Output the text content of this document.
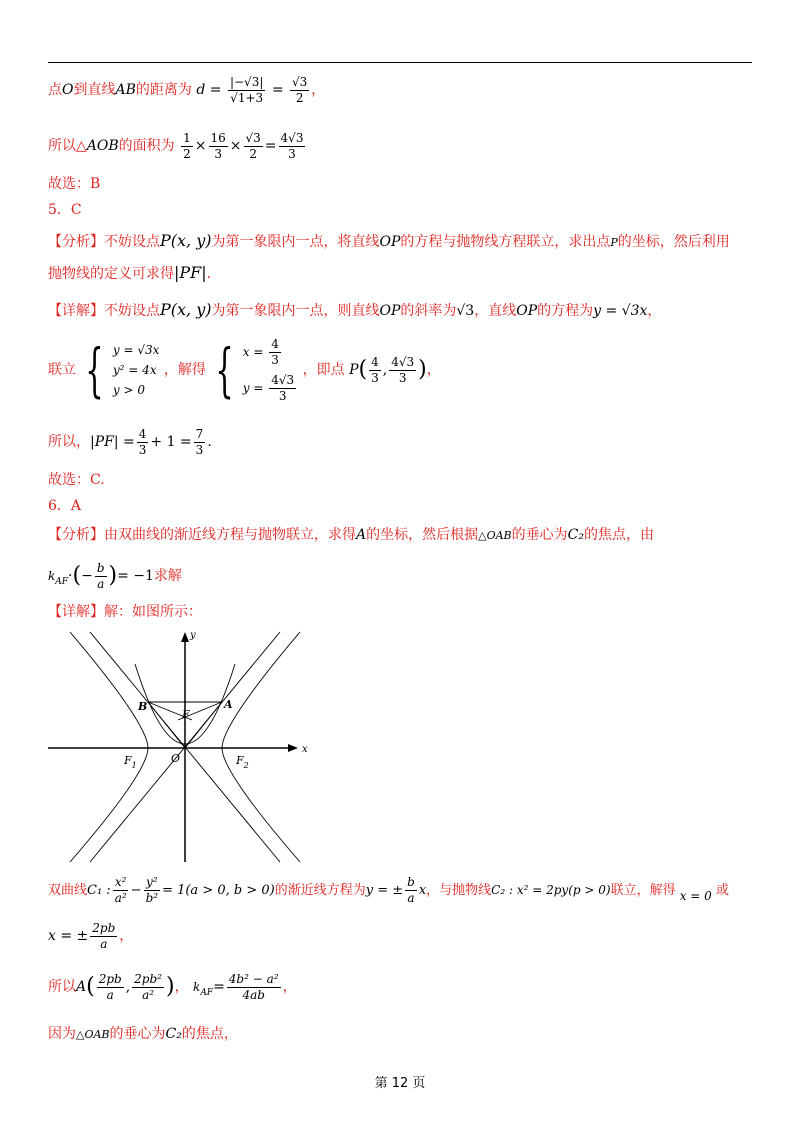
点O到直线AB的距离为 $d = \frac{|-√3|}{√1+3} = \frac{√3}{2}$ ，
所以△AOB的面积为 $\frac{1}{2} \times \frac{16}{3} \times \frac{√3}{2} = \frac{4√3}{3}$
故选：B
5．C
【分析】不妨设点P(x, y)为第一象限内一点，将直线OP的方程与抛物线方程联立，求出点P的坐标，然后利用
抛物线的定义可求得|PF|.
【详解】不妨设点P(x, y)为第一象限内一点，则直线OP的斜率为√3，直线OP的方程为y = √3x，
联立 { y = √3x
y² = 4x
y > 0
，解得 { $x = \frac{4}{3}$
$y = \frac{4√3}{3}$
，即点 $P( \frac{4}{3}$ , $\frac{4√3}{3}$ )，
所以，$|PF| = \frac{4}{3} + 1 = \frac{7}{3}$ .
故选：C.
6．A
【分析】由双曲线的渐近线方程与抛物联立，求得A的坐标，然后根据△OAB的垂心为C₂的焦点，由
$k_{AF}\cdot(- \frac{b}{a}$ )= −1求解
【详解】解：如图所示：
x
y
B	A
F
O
$F_1$	$F_2$
双曲线C₁ : $\frac{\text{x²}}{\text{a²}} - \frac{\text{y²}}{\text{b²}} = 1(a > 0$, b > 0)的渐近线方程为y = ± $\frac{b}{a}$ x，与抛物线C₂ : x² = 2py(p > 0)联立，解得 x = 0 或
x = ± $\frac{2pb}{a}$ ，
所以$A( \frac{2pb}{a}$ , $\frac{\text{2pb²}}{\text{a²}}$ )， $k_{AF}= \frac{\text{4b² − a²}}{4ab}$ ，
因为△OAB的垂心为C₂的焦点，
第 12 页
